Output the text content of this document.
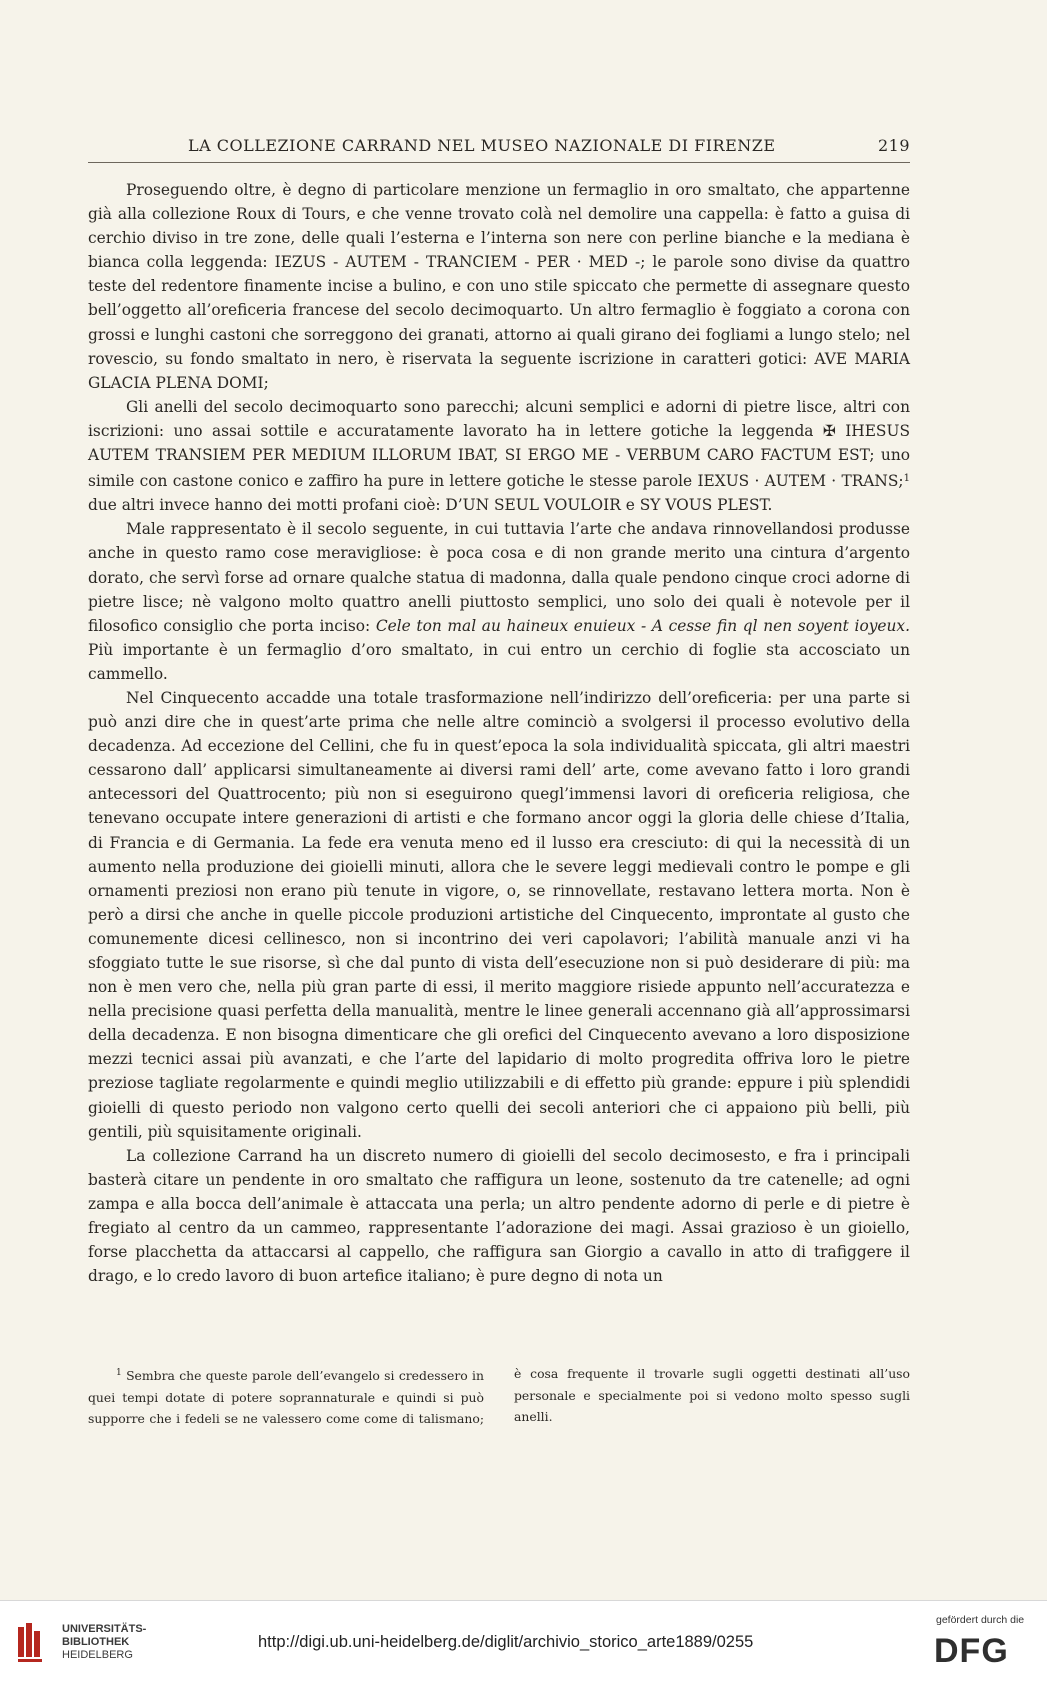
LA COLLEZIONE CARRAND NEL MUSEO NAZIONALE DI FIRENZE	219

Proseguendo oltre, è degno di particolare menzione un fermaglio in oro smaltato, che appartenne già alla collezione Roux di Tours, e che venne trovato colà nel demolire una cappella: è fatto a guisa di cerchio diviso in tre zone, delle quali l’esterna e l’interna son nere con perline bianche e la mediana è bianca colla leggenda: IEZUS - AUTEM - TRANCIEM - PER · MED -; le parole sono divise da quattro teste del redentore finamente incise a bulino, e con uno stile spiccato che permette di assegnare questo bell’oggetto all’oreficeria francese del secolo decimoquarto. Un altro fermaglio è foggiato a corona con grossi e lunghi castoni che sorreggono dei granati, attorno ai quali girano dei fogliami a lungo stelo; nel rovescio, su fondo smaltato in nero, è riservata la seguente iscrizione in caratteri gotici: AVE MARIA GLACIA PLENA DOMI;

Gli anelli del secolo decimoquarto sono parecchi; alcuni semplici e adorni di pietre lisce, altri con iscrizioni: uno assai sottile e accuratamente lavorato ha in lettere gotiche la leggenda ✠ IHESUS AUTEM TRANSIEM PER MEDIUM ILLORUM IBAT, SI ERGO ME - VERBUM CARO FACTUM EST; uno simile con castone conico e zaffiro ha pure in lettere gotiche le stesse parole IEXUS · AUTEM · TRANS;$^1$ due altri invece hanno dei motti profani cioè: D’UN SEUL VOULOIR e SY VOUS PLEST.

Male rappresentato è il secolo seguente, in cui tuttavia l’arte che andava rinnovellandosi produsse anche in questo ramo cose meravigliose: è poca cosa e di non grande merito una cintura d’argento dorato, che servì forse ad ornare qualche statua di madonna, dalla quale pendono cinque croci adorne di pietre lisce; nè valgono molto quattro anelli piuttosto semplici, uno solo dei quali è notevole per il filosofico consiglio che porta inciso: Cele ton mal au haineux enuieux - A cesse fin ql nen soyent ioyeux. Più importante è un fermaglio d’oro smaltato, in cui entro un cerchio di foglie sta accosciato un cammello.

Nel Cinquecento accadde una totale trasformazione nell’indirizzo dell’oreficeria: per una parte si può anzi dire che in quest’arte prima che nelle altre cominciò a svolgersi il processo evolutivo della decadenza. Ad eccezione del Cellini, che fu in quest’epoca la sola individualità spiccata, gli altri maestri cessarono dall’ applicarsi simultaneamente ai diversi rami dell’ arte, come avevano fatto i loro grandi antecessori del Quattrocento; più non si eseguirono quegl’immensi lavori di oreficeria religiosa, che tenevano occupate intere generazioni di artisti e che formano ancor oggi la gloria delle chiese d’Italia, di Francia e di Germania. La fede era venuta meno ed il lusso era cresciuto: di qui la necessità di un aumento nella produzione dei gioielli minuti, allora che le severe leggi medievali contro le pompe e gli ornamenti preziosi non erano più tenute in vigore, o, se rinnovellate, restavano lettera morta. Non è però a dirsi che anche in quelle piccole produzioni artistiche del Cinquecento, improntate al gusto che comunemente dicesi cellinesco, non si incontrino dei veri capolavori; l’abilità manuale anzi vi ha sfoggiato tutte le sue risorse, sì che dal punto di vista dell’esecuzione non si può desiderare di più: ma non è men vero che, nella più gran parte di essi, il merito maggiore risiede appunto nell’accuratezza e nella precisione quasi perfetta della manualità, mentre le linee generali accennano già all’approssimarsi della decadenza. E non bisogna dimenticare che gli orefici del Cinquecento avevano a loro disposizione mezzi tecnici assai più avanzati, e che l’arte del lapidario di molto progredita offriva loro le pietre preziose tagliate regolarmente e quindi meglio utilizzabili e di effetto più grande: eppure i più splendidi gioielli di questo periodo non valgono certo quelli dei secoli anteriori che ci appaiono più belli, più gentili, più squisitamente originali.

La collezione Carrand ha un discreto numero di gioielli del secolo decimosesto, e fra i principali basterà citare un pendente in oro smaltato che raffigura un leone, sostenuto da tre catenelle; ad ogni zampa e alla bocca dell’animale è attaccata una perla; un altro pendente adorno di perle e di pietre è fregiato al centro da un cammeo, rappresentante l’adorazione dei magi. Assai grazioso è un gioiello, forse placchetta da attaccarsi al cappello, che raffigura san Giorgio a cavallo in atto di trafiggere il drago, e lo credo lavoro di buon artefice italiano; è pure degno di nota un

$^1$ Sembra che queste parole dell’evangelo si credessero in quei tempi dotate di potere soprannaturale e quindi si può supporre che i fedeli se ne valessero come come di talismano; è cosa frequente il trovarle sugli oggetti destinati all’uso personale e specialmente poi si vedono molto spesso sugli anelli.

UNIVERSITÄTS-
BIBLIOTHEK
HEIDELBERG
http://digi.ub.uni-heidelberg.de/diglit/archivio_storico_arte1889/0255
gefördert durch die
DFG
